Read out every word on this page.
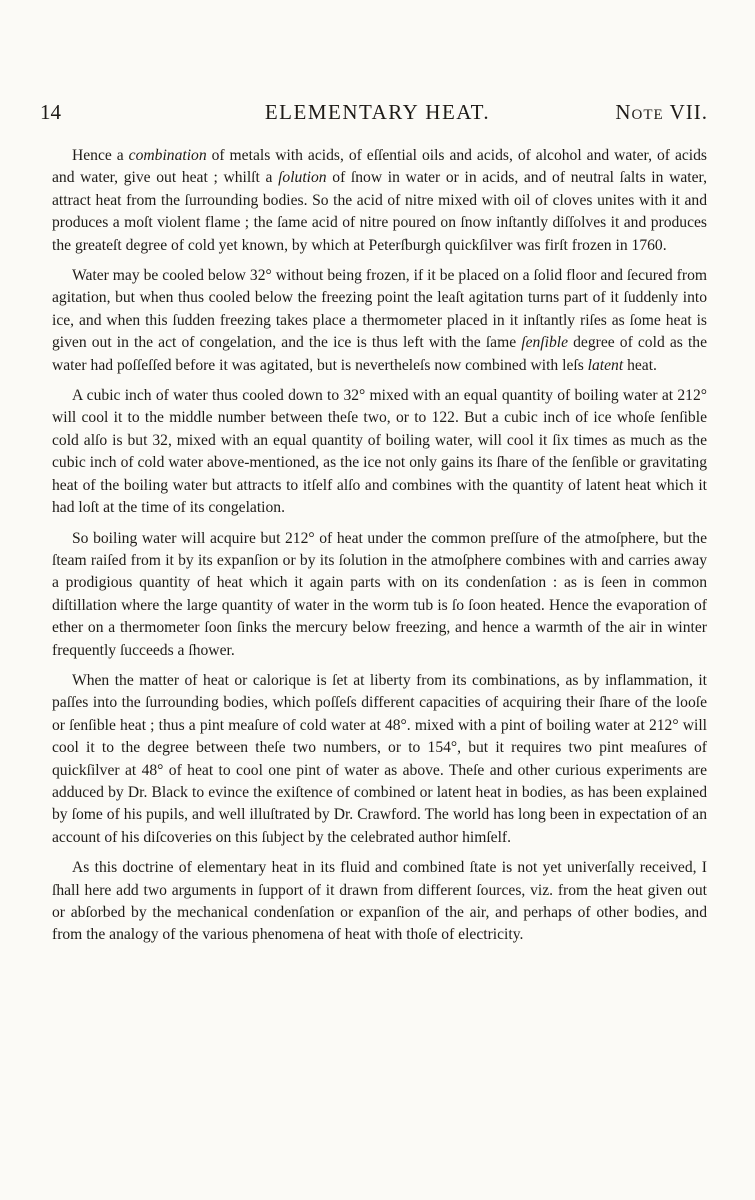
14	ELEMENTARY HEAT.	Note VII.

Hence a combination of metals with acids, of eſſential oils and acids, of alcohol and water, of acids and water, give out heat ; whilſt a ſolution of ſnow in water or in acids, and of neutral ſalts in water, attract heat from the ſurrounding bodies. So the acid of nitre mixed with oil of cloves unites with it and produces a moſt violent flame ; the ſame acid of nitre poured on ſnow inſtantly diſſolves it and produces the greateſt degree of cold yet known, by which at Peterſburgh quickſilver was firſt frozen in 1760.

Water may be cooled below 32° without being frozen, if it be placed on a ſolid floor and ſecured from agitation, but when thus cooled below the freezing point the leaſt agitation turns part of it ſuddenly into ice, and when this ſudden freezing takes place a thermometer placed in it inſtantly riſes as ſome heat is given out in the act of congelation, and the ice is thus left with the ſame ſenſible degree of cold as the water had poſſeſſed before it was agitated, but is nevertheleſs now combined with leſs latent heat.

A cubic inch of water thus cooled down to 32° mixed with an equal quantity of boiling water at 212° will cool it to the middle number between theſe two, or to 122. But a cubic inch of ice whoſe ſenſible cold alſo is but 32, mixed with an equal quantity of boiling water, will cool it ſix times as much as the cubic inch of cold water above-mentioned, as the ice not only gains its ſhare of the ſenſible or gravitating heat of the boiling water but attracts to itſelf alſo and combines with the quantity of latent heat which it had loſt at the time of its congelation.

So boiling water will acquire but 212° of heat under the common preſſure of the atmoſphere, but the ſteam raiſed from it by its expanſion or by its ſolution in the atmoſphere combines with and carries away a prodigious quantity of heat which it again parts with on its condenſation : as is ſeen in common diſtillation where the large quantity of water in the worm tub is ſo ſoon heated. Hence the evaporation of ether on a thermometer ſoon ſinks the mercury below freezing, and hence a warmth of the air in winter frequently ſucceeds a ſhower.

When the matter of heat or calorique is ſet at liberty from its combinations, as by inflammation, it paſſes into the ſurrounding bodies, which poſſeſs different capacities of acquiring their ſhare of the looſe or ſenſible heat ; thus a pint meaſure of cold water at 48°. mixed with a pint of boiling water at 212° will cool it to the degree between theſe two numbers, or to 154°, but it requires two pint meaſures of quickſilver at 48° of heat to cool one pint of water as above. Theſe and other curious experiments are adduced by Dr. Black to evince the exiſtence of combined or latent heat in bodies, as has been explained by ſome of his pupils, and well illuſtrated by Dr. Crawford. The world has long been in expectation of an account of his diſcoveries on this ſubject by the celebrated author himſelf.

As this doctrine of elementary heat in its fluid and combined ſtate is not yet univerſally received, I ſhall here add two arguments in ſupport of it drawn from different ſources, viz. from the heat given out or abſorbed by the mechanical condenſation or expanſion of the air, and perhaps of other bodies, and from the analogy of the various phenomena of heat with thoſe of electricity.
